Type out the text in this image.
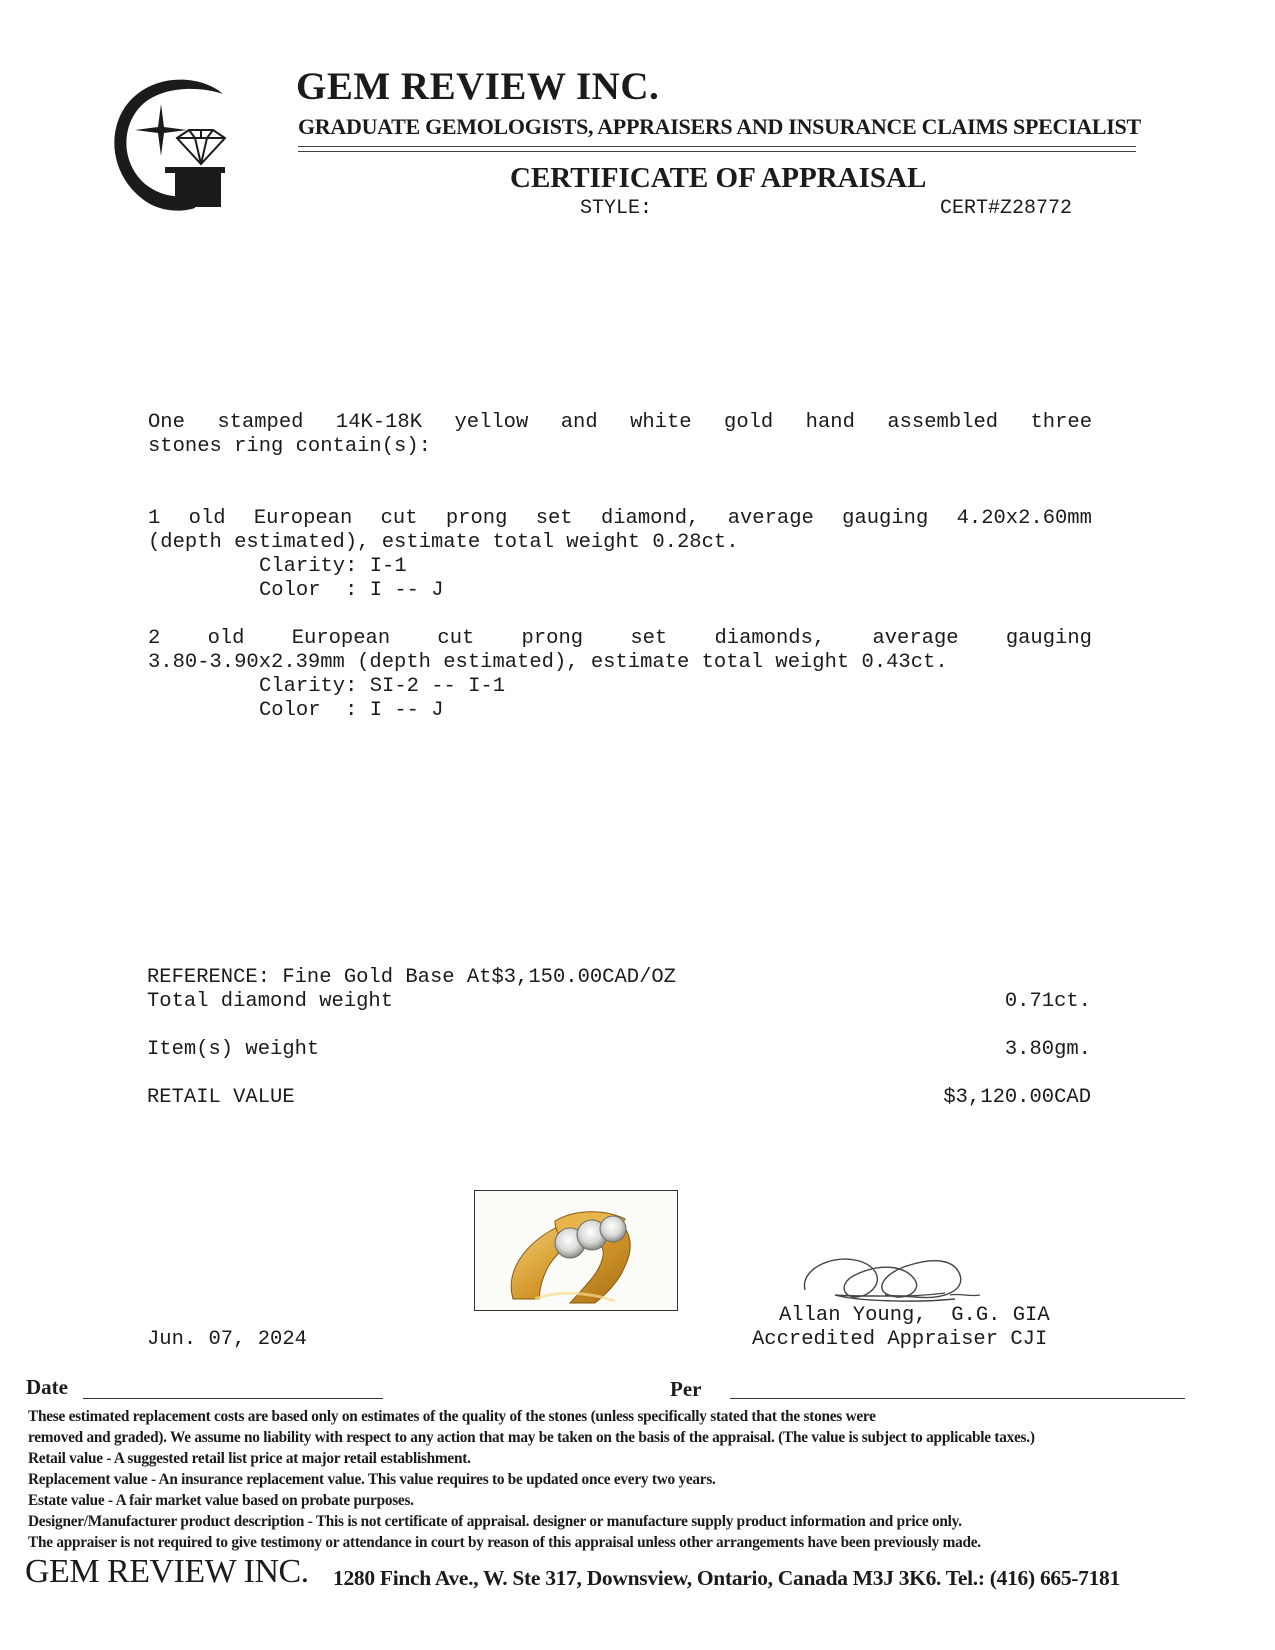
GEM REVIEW INC.
GRADUATE GEMOLOGISTS, APPRAISERS AND INSURANCE CLAIMS SPECIALIST
CERTIFICATE OF APPRAISAL
STYLE:	CERT#Z28772
One stamped 14K-18K yellow and white gold hand assembled three
stones ring contain(s):
1 old European cut prong set diamond, average gauging 4.20x2.60mm
(depth estimated), estimate total weight 0.28ct.
Clarity: I-1
Color  : I -- J
2 old European cut prong set diamonds, average gauging
3.80-3.90x2.39mm (depth estimated), estimate total weight 0.43ct.
Clarity: SI-2 -- I-1
Color  : I -- J
REFERENCE: Fine Gold Base At$3,150.00CAD/OZ
Total diamond weight	0.71ct.
Item(s) weight	3.80gm.
RETAIL VALUE	$3,120.00CAD
Jun. 07, 2024
Allan Young,  G.G. GIA
Accredited Appraiser CJI
Date	Per
These estimated replacement costs are based only on estimates of the quality of the stones (unless specifically stated that the stones were
removed and graded). We assume no liability with respect to any action that may be taken on the basis of the appraisal. (The value is subject to applicable taxes.)
Retail value - A suggested retail list price at major retail establishment.
Replacement value - An insurance replacement value. This value requires to be updated once every two years.
Estate value - A fair market value based on probate purposes.
Designer/Manufacturer product description - This is not certificate of appraisal. designer or manufacture supply product information and price only.
The appraiser is not required to give testimony or attendance in court by reason of this appraisal unless other arrangements have been previously made.
GEM REVIEW INC. 1280 Finch Ave., W. Ste 317, Downsview, Ontario, Canada M3J 3K6. Tel.: (416) 665-7181
